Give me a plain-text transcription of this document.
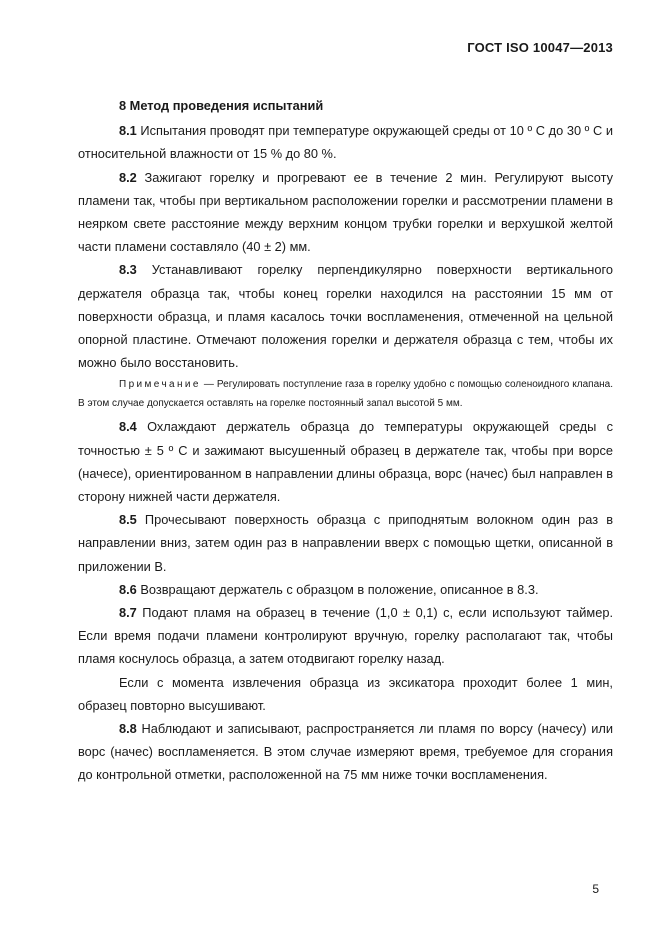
ГОСТ ISO 10047—2013
8 Метод проведения испытаний

8.1 Испытания проводят при температуре окружающей среды от 10 º С до 30 º С и относительной влажности от 15 % до 80 %.

8.2 Зажигают горелку и прогревают ее в течение 2 мин. Регулируют высоту пламени так, чтобы при вертикальном расположении горелки и рассмотрении пламени в неярком свете расстояние между верхним концом трубки горелки и верхушкой желтой части пламени составляло (40 ± 2) мм.

8.3 Устанавливают горелку перпендикулярно поверхности вертикального держателя образца так, чтобы конец горелки находился на расстоянии 15 мм от поверхности образца, и пламя касалось точки воспламенения, отмеченной на цельной опорной пластине. Отмечают положения горелки и держателя образца с тем, чтобы их можно было восстановить.

Примечание — Регулировать поступление газа в горелку удобно с помощью соленоидного клапана. В этом случае допускается оставлять на горелке постоянный запал высотой 5 мм.

8.4 Охлаждают держатель образца до температуры окружающей среды с точностью ± 5 º С и зажимают высушенный образец в держателе так, чтобы при ворсе (начесе), ориентированном в направлении длины образца, ворс (начес) был направлен в сторону нижней части держателя.

8.5 Прочесывают поверхность образца с приподнятым волокном один раз в направлении вниз, затем один раз в направлении вверх с помощью щетки, описанной в приложении В.

8.6 Возвращают держатель с образцом в положение, описанное в 8.3.

8.7 Подают пламя на образец в течение (1,0 ± 0,1) с, если используют таймер. Если время подачи пламени контролируют вручную, горелку располагают так, чтобы пламя коснулось образца, а затем отодвигают горелку назад.

Если с момента извлечения образца из эксикатора проходит более 1 мин, образец повторно высушивают.

8.8 Наблюдают и записывают, распространяется ли пламя по ворсу (начесу) или ворс (начес) воспламеняется. В этом случае измеряют время, требуемое для сгорания до контрольной отметки, расположенной на 75 мм ниже точки воспламенения.

5
